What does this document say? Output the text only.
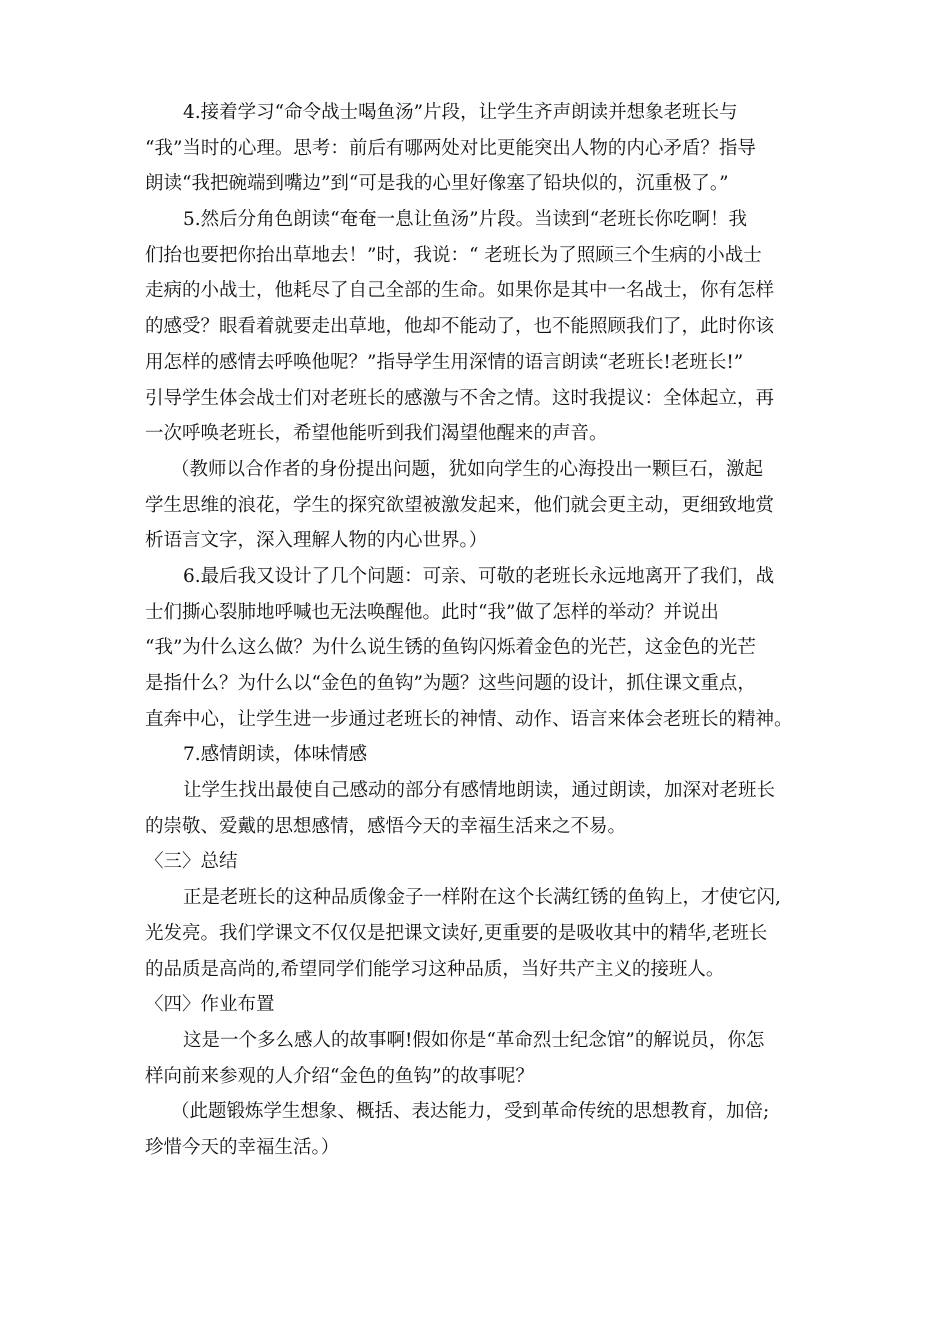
4.接着学习“命令战士喝鱼汤”片段，让学生齐声朗读并想象老班长与
“我”当时的心理。思考：前后有哪两处对比更能突出人物的内心矛盾？指导
朗读“我把碗端到嘴边”到“可是我的心里好像塞了铅块似的，沉重极了。”
5.然后分角色朗读“奄奄一息让鱼汤”片段。当读到“老班长你吃啊！我
们抬也要把你抬出草地去！”时，我说：“ 老班长为了照顾三个生病的小战士
走病的小战士，他耗尽了自己全部的生命。如果你是其中一名战士，你有怎样
的感受？眼看着就要走出草地，他却不能动了，也不能照顾我们了，此时你该
用怎样的感情去呼唤他呢？”指导学生用深情的语言朗读“老班长!老班长!”
引导学生体会战士们对老班长的感激与不舍之情。这时我提议：全体起立，再
一次呼唤老班长，希望他能听到我们渴望他醒来的声音。
（教师以合作者的身份提出问题，犹如向学生的心海投出一颗巨石，激起
学生思维的浪花，学生的探究欲望被激发起来，他们就会更主动，更细致地赏
析语言文字，深入理解人物的内心世界。）
6.最后我又设计了几个问题：可亲、可敬的老班长永远地离开了我们，战
士们撕心裂肺地呼喊也无法唤醒他。此时“我”做了怎样的举动？并说出
“我”为什么这么做？为什么说生锈的鱼钩闪烁着金色的光芒，这金色的光芒
是指什么？为什么以“金色的鱼钩”为题？这些问题的设计，抓住课文重点，
直奔中心，让学生进一步通过老班长的神情、动作、语言来体会老班长的精神。
7.感情朗读，体味情感
让学生找出最使自己感动的部分有感情地朗读，通过朗读，加深对老班长
的崇敬、爱戴的思想感情，感悟今天的幸福生活来之不易。
〈三〉总结
正是老班长的这种品质像金子一样附在这个长满红锈的鱼钩上，才使它闪,
光发亮。我们学课文不仅仅是把课文读好,更重要的是吸收其中的精华,老班长
的品质是高尚的,希望同学们能学习这种品质，当好共产主义的接班人。
〈四〉作业布置
这是一个多么感人的故事啊!假如你是“革命烈士纪念馆”的解说员，你怎
样向前来参观的人介绍“金色的鱼钩”的故事呢？
（此题锻炼学生想象、概括、表达能力，受到革命传统的思想教育，加倍;
珍惜今天的幸福生活。）
